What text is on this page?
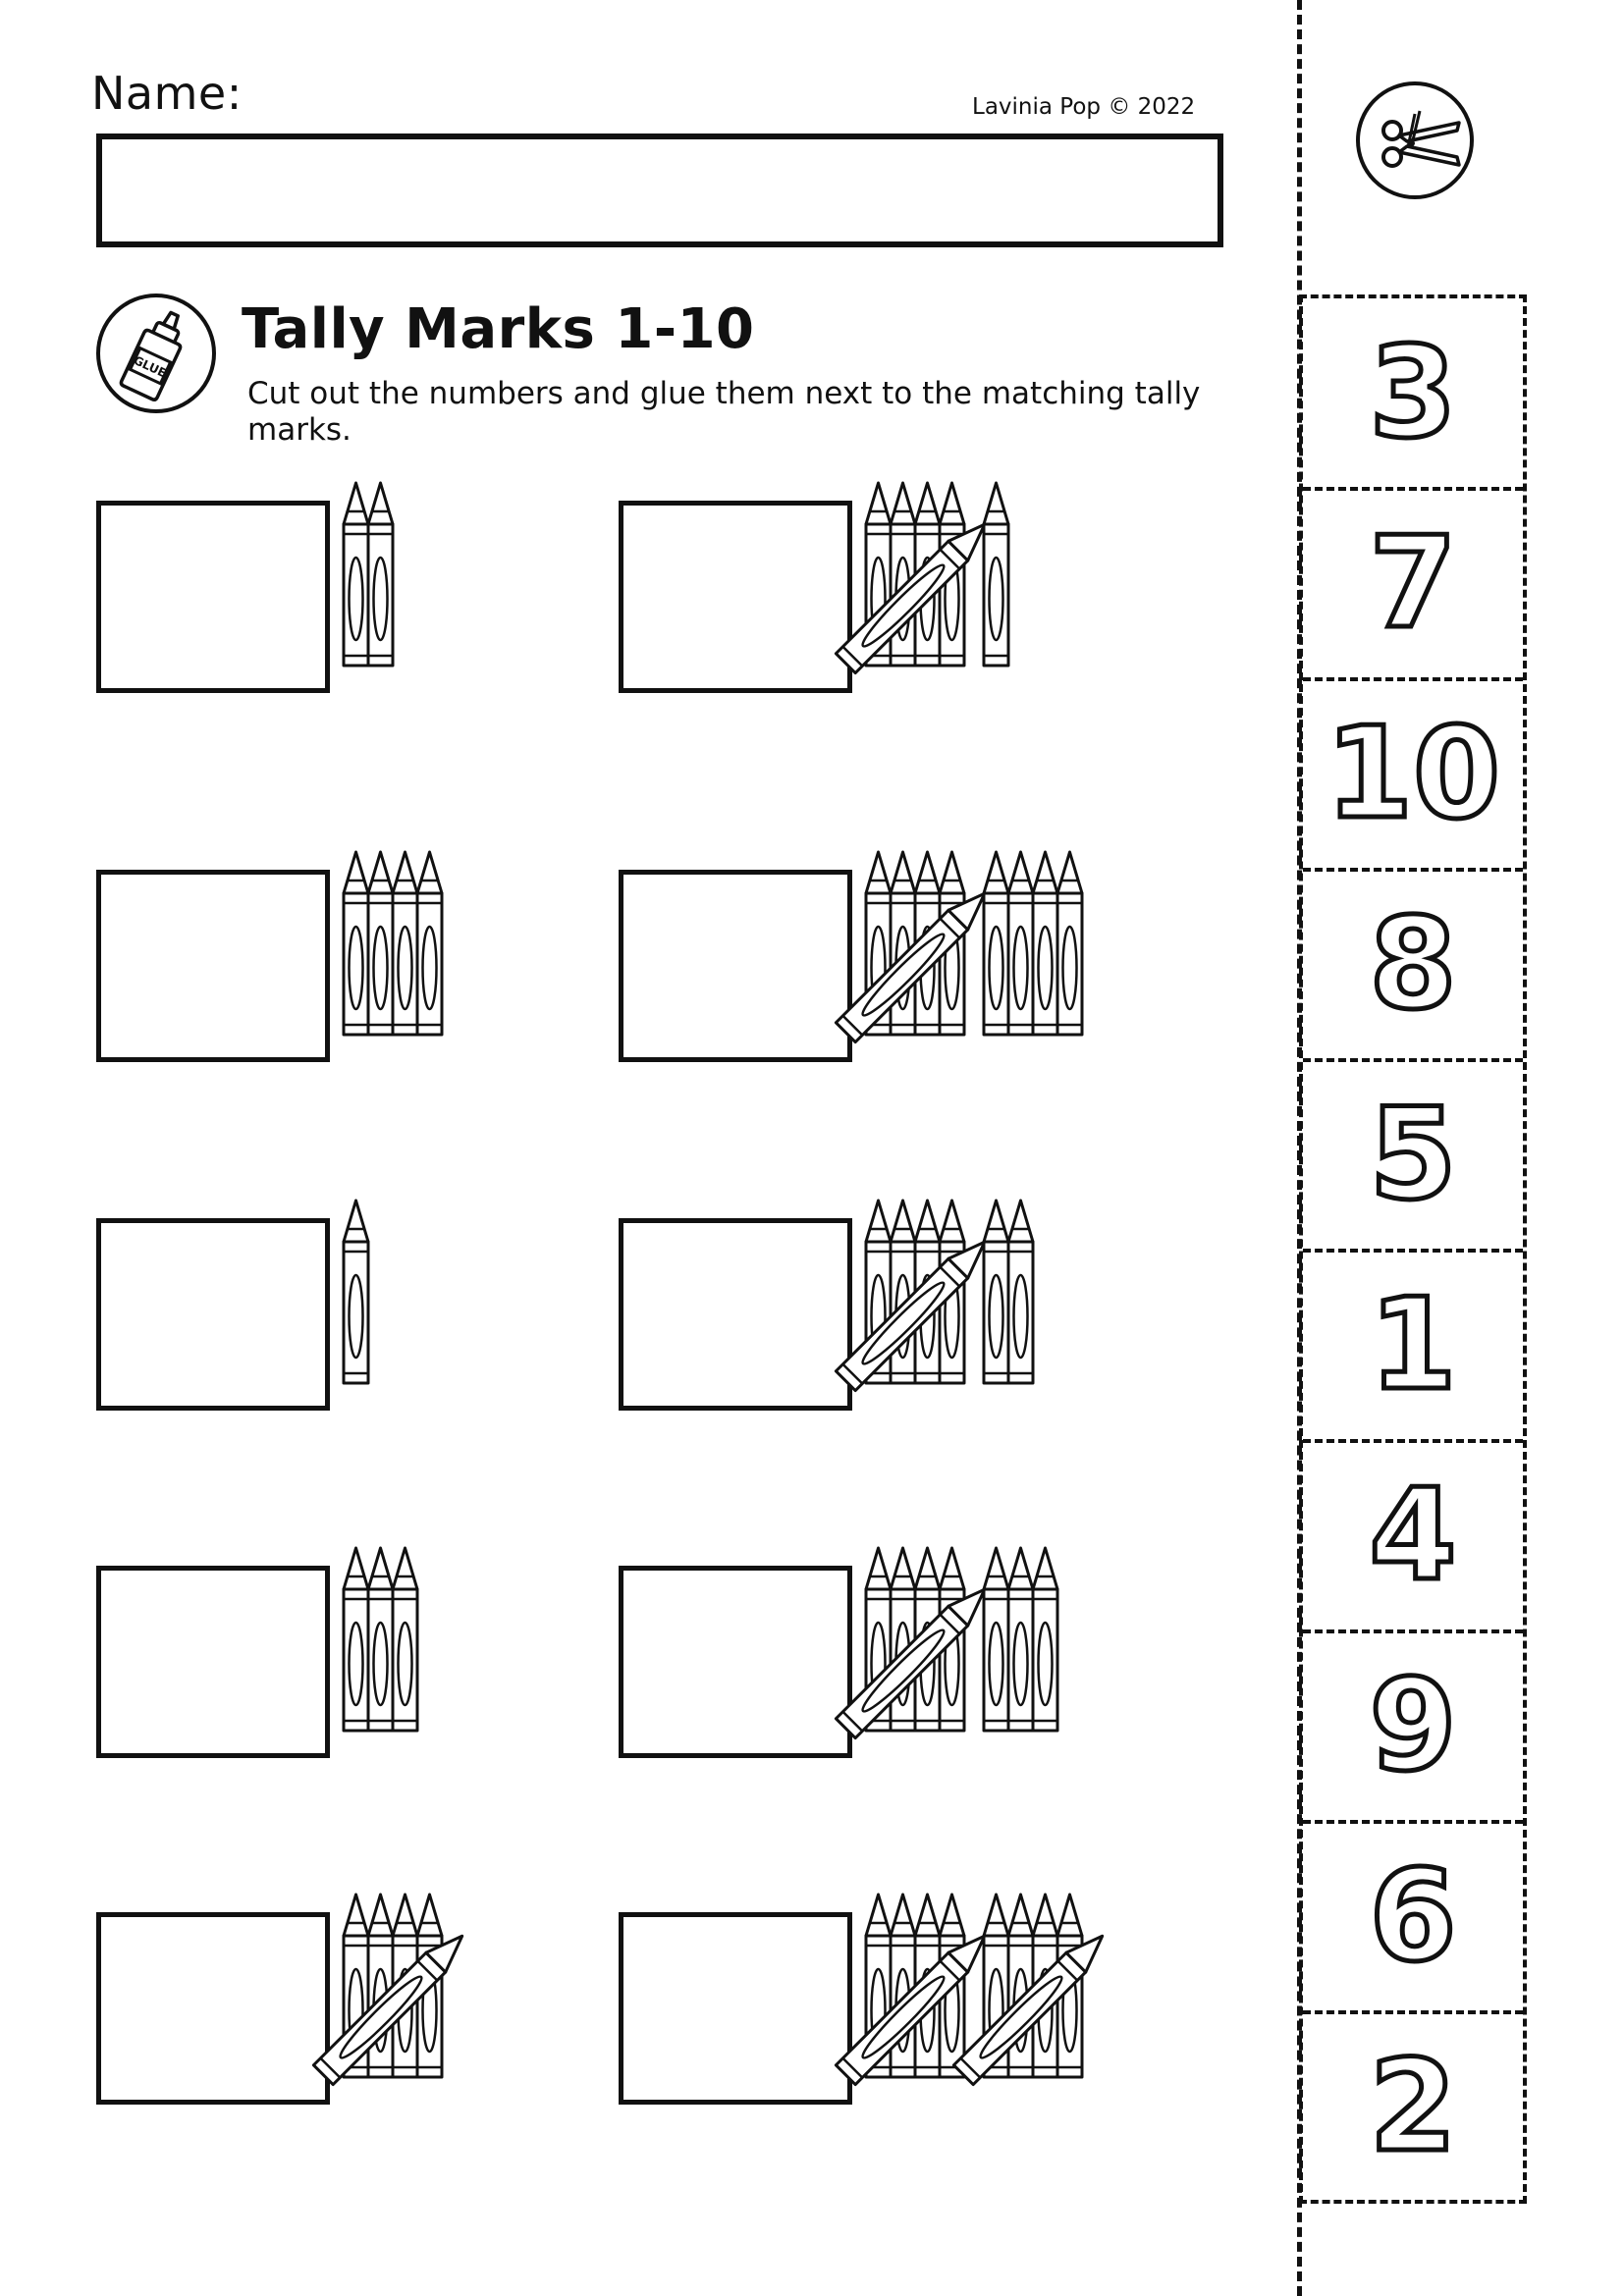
Name:	Lavinia Pop © 2022
GLUE
Tally Marks 1-10
Cut out the numbers and glue them next to the matching tally marks.	3
7
10
8
5
1
4
9
6
2
